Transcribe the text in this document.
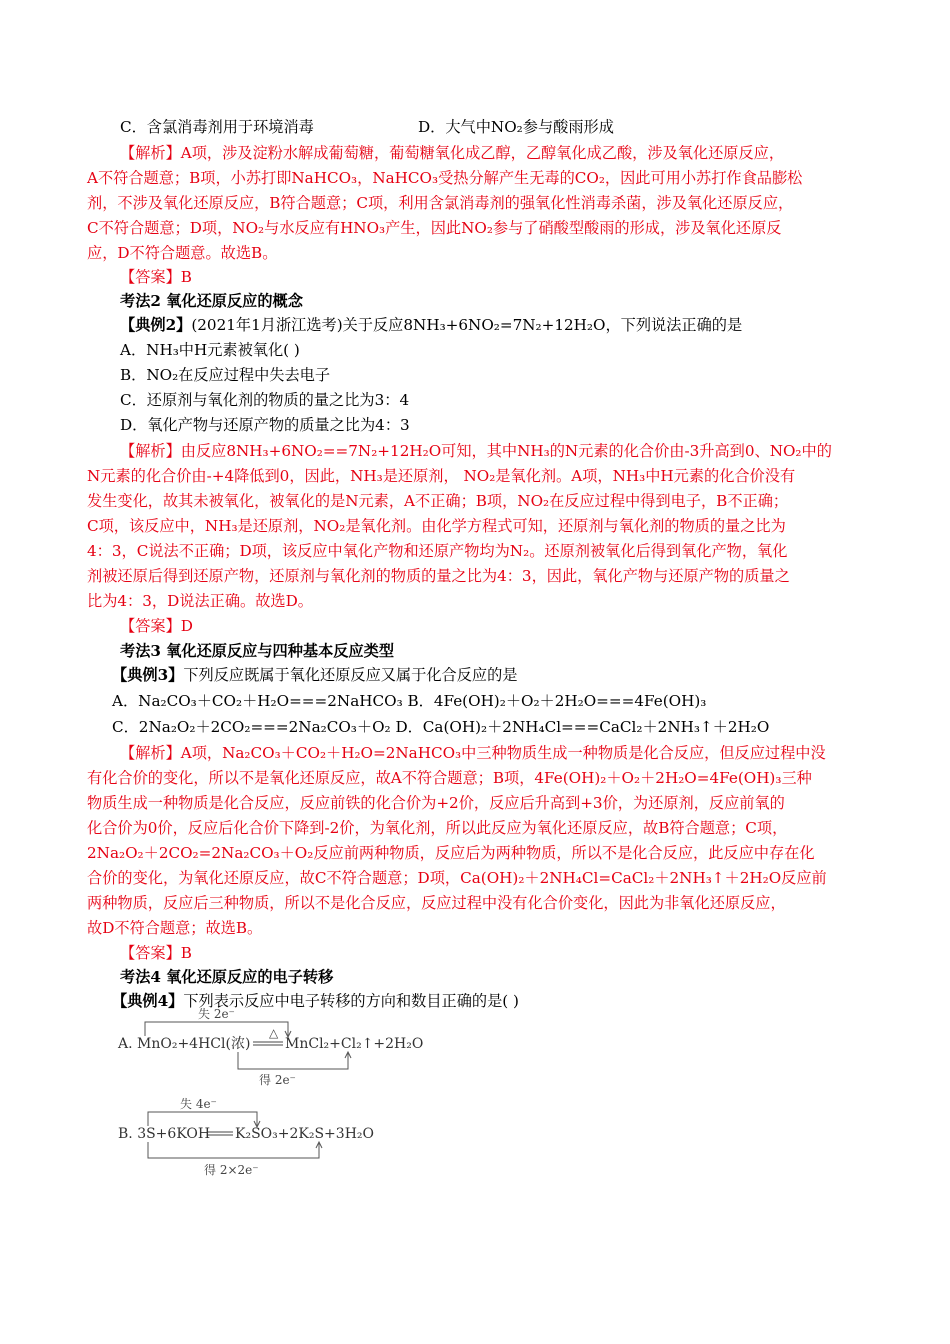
C．含氯消毒剂用于环境消毒	D．大气中NO₂参与酸雨形成
【解析】A项，涉及淀粉水解成葡萄糖，葡萄糖氧化成乙醇，乙醇氧化成乙酸，涉及氧化还原反应，
A不符合题意；B项，小苏打即NaHCO₃，NaHCO₃受热分解产生无毒的CO₂，因此可用小苏打作食品膨松
剂，不涉及氧化还原反应，B符合题意；C项，利用含氯消毒剂的强氧化性消毒杀菌，涉及氧化还原反应，
C不符合题意；D项，NO₂与水反应有HNO₃产生，因此NO₂参与了硝酸型酸雨的形成，涉及氧化还原反
应，D不符合题意。故选B。
【答案】B
考法2 氧化还原反应的概念
【典例2】(2021年1月浙江选考)关于反应8NH₃+6NO₂=7N₂+12H₂O，下列说法正确的是
A．NH₃中H元素被氧化( )
B．NO₂在反应过程中失去电子
C．还原剂与氧化剂的物质的量之比为3：4
D．氧化产物与还原产物的质量之比为4：3
【解析】由反应8NH₃+6NO₂==7N₂+12H₂O可知，其中NH₃的N元素的化合价由-3升高到0、NO₂中的
N元素的化合价由-+4降低到0，因此，NH₃是还原剂， NO₂是氧化剂。A项，NH₃中H元素的化合价没有
发生变化，故其未被氧化，被氧化的是N元素，A不正确；B项，NO₂在反应过程中得到电子，B不正确；
C项，该反应中，NH₃是还原剂，NO₂是氧化剂。由化学方程式可知，还原剂与氧化剂的物质的量之比为
4：3，C说法不正确；D项，该反应中氧化产物和还原产物均为N₂。还原剂被氧化后得到氧化产物，氧化
剂被还原后得到还原产物，还原剂与氧化剂的物质的量之比为4：3，因此，氧化产物与还原产物的质量之
比为4：3，D说法正确。故选D。
【答案】D
考法3 氧化还原反应与四种基本反应类型
【典例3】下列反应既属于氧化还原反应又属于化合反应的是
A．Na₂CO₃＋CO₂＋H₂O===2NaHCO₃ B．4Fe(OH)₂＋O₂＋2H₂O===4Fe(OH)₃
C．2Na₂O₂＋2CO₂===2Na₂CO₃＋O₂ D．Ca(OH)₂＋2NH₄Cl===CaCl₂＋2NH₃↑＋2H₂O
【解析】A项，Na₂CO₃＋CO₂＋H₂O=2NaHCO₃中三种物质生成一种物质是化合反应，但反应过程中没
有化合价的变化，所以不是氧化还原反应，故A不符合题意；B项，4Fe(OH)₂＋O₂＋2H₂O=4Fe(OH)₃三种
物质生成一种物质是化合反应，反应前铁的化合价为+2价，反应后升高到+3价，为还原剂，反应前氧的
化合价为0价，反应后化合价下降到-2价，为氧化剂，所以此反应为氧化还原反应，故B符合题意；C项，
2Na₂O₂＋2CO₂=2Na₂CO₃＋O₂反应前两种物质，反应后为两种物质，所以不是化合反应，此反应中存在化
合价的变化，为氧化还原反应，故C不符合题意；D项，Ca(OH)₂＋2NH₄Cl=CaCl₂＋2NH₃↑＋2H₂O反应前
两种物质，反应后三种物质，所以不是化合反应，反应过程中没有化合价变化，因此为非氧化还原反应，
故D不符合题意；故选B。
【答案】B
考法4 氧化还原反应的电子转移
【典例4】下列表示反应中电子转移的方向和数目正确的是( )
失 2e⁻
△
A. MnO₂+4HCl(浓) MnCl₂+Cl₂↑+2H₂O
得 2e⁻
失 4e⁻
B. 3S+6KOH K₂SO₃+2K₂S+3H₂O
得 2×2e⁻
